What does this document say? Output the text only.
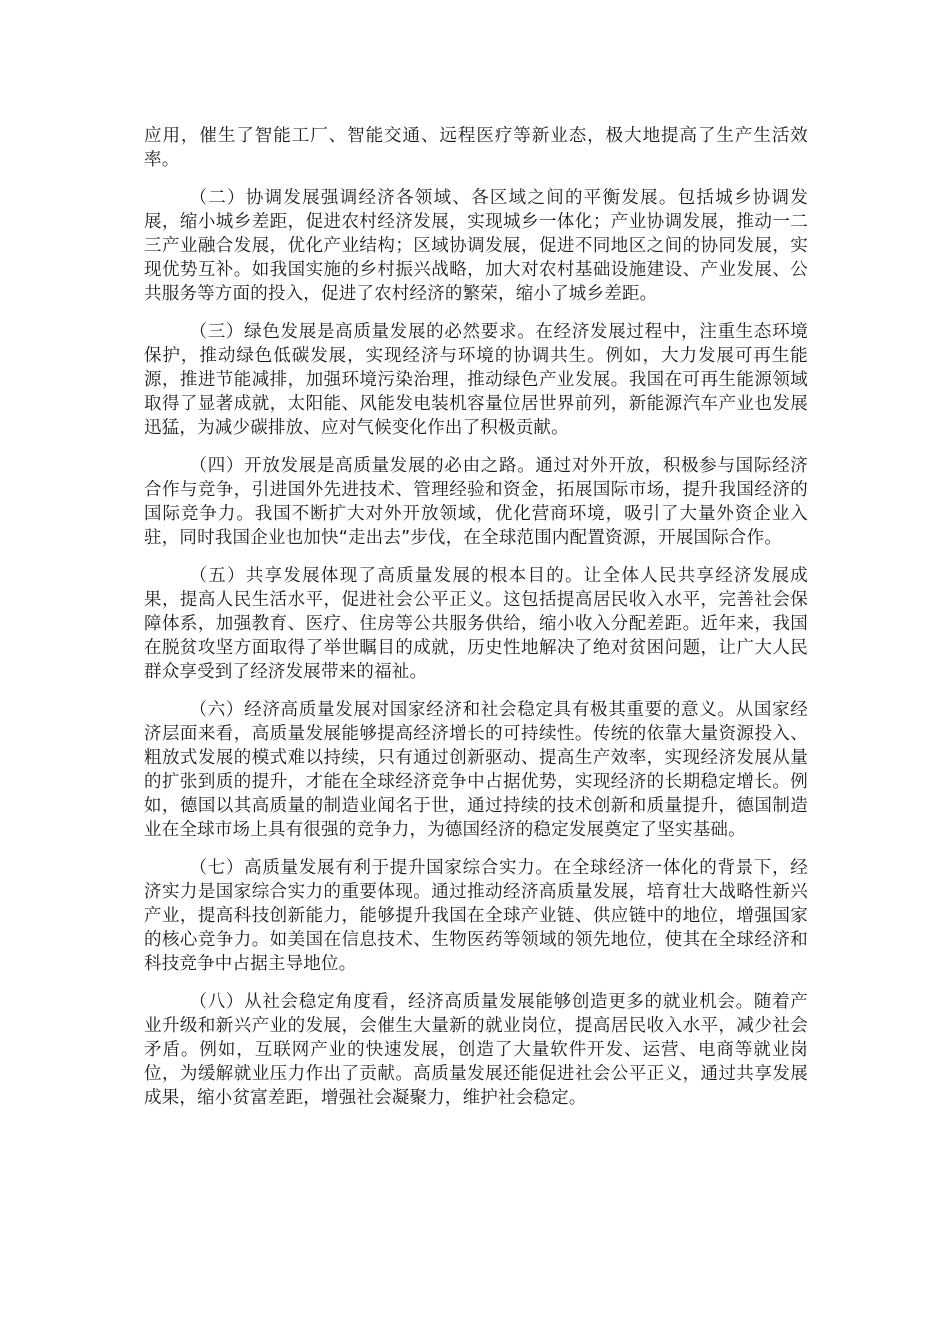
应用，催生了智能工厂、智能交通、远程医疗等新业态，极大地提高了生产生活效率。

（二）协调发展强调经济各领域、各区域之间的平衡发展。包括城乡协调发展，缩小城乡差距，促进农村经济发展，实现城乡一体化；产业协调发展，推动一二三产业融合发展，优化产业结构；区域协调发展，促进不同地区之间的协同发展，实现优势互补。如我国实施的乡村振兴战略，加大对农村基础设施建设、产业发展、公共服务等方面的投入，促进了农村经济的繁荣，缩小了城乡差距。

（三）绿色发展是高质量发展的必然要求。在经济发展过程中，注重生态环境保护，推动绿色低碳发展，实现经济与环境的协调共生。例如，大力发展可再生能源，推进节能减排，加强环境污染治理，推动绿色产业发展。我国在可再生能源领域取得了显著成就，太阳能、风能发电装机容量位居世界前列，新能源汽车产业也发展迅猛，为减少碳排放、应对气候变化作出了积极贡献。

（四）开放发展是高质量发展的必由之路。通过对外开放，积极参与国际经济合作与竞争，引进国外先进技术、管理经验和资金，拓展国际市场，提升我国经济的国际竞争力。我国不断扩大对外开放领域，优化营商环境，吸引了大量外资企业入驻，同时我国企业也加快“走出去”步伐，在全球范围内配置资源，开展国际合作。

（五）共享发展体现了高质量发展的根本目的。让全体人民共享经济发展成果，提高人民生活水平，促进社会公平正义。这包括提高居民收入水平，完善社会保障体系，加强教育、医疗、住房等公共服务供给，缩小收入分配差距。近年来，我国在脱贫攻坚方面取得了举世瞩目的成就，历史性地解决了绝对贫困问题，让广大人民群众享受到了经济发展带来的福祉。

（六）经济高质量发展对国家经济和社会稳定具有极其重要的意义。从国家经济层面来看，高质量发展能够提高经济增长的可持续性。传统的依靠大量资源投入、粗放式发展的模式难以持续，只有通过创新驱动、提高生产效率，实现经济发展从量的扩张到质的提升，才能在全球经济竞争中占据优势，实现经济的长期稳定增长。例如，德国以其高质量的制造业闻名于世，通过持续的技术创新和质量提升，德国制造业在全球市场上具有很强的竞争力，为德国经济的稳定发展奠定了坚实基础。

（七）高质量发展有利于提升国家综合实力。在全球经济一体化的背景下，经济实力是国家综合实力的重要体现。通过推动经济高质量发展，培育壮大战略性新兴产业，提高科技创新能力，能够提升我国在全球产业链、供应链中的地位，增强国家的核心竞争力。如美国在信息技术、生物医药等领域的领先地位，使其在全球经济和科技竞争中占据主导地位。

（八）从社会稳定角度看，经济高质量发展能够创造更多的就业机会。随着产业升级和新兴产业的发展，会催生大量新的就业岗位，提高居民收入水平，减少社会矛盾。例如，互联网产业的快速发展，创造了大量软件开发、运营、电商等就业岗位，为缓解就业压力作出了贡献。高质量发展还能促进社会公平正义，通过共享发展成果，缩小贫富差距，增强社会凝聚力，维护社会稳定。
